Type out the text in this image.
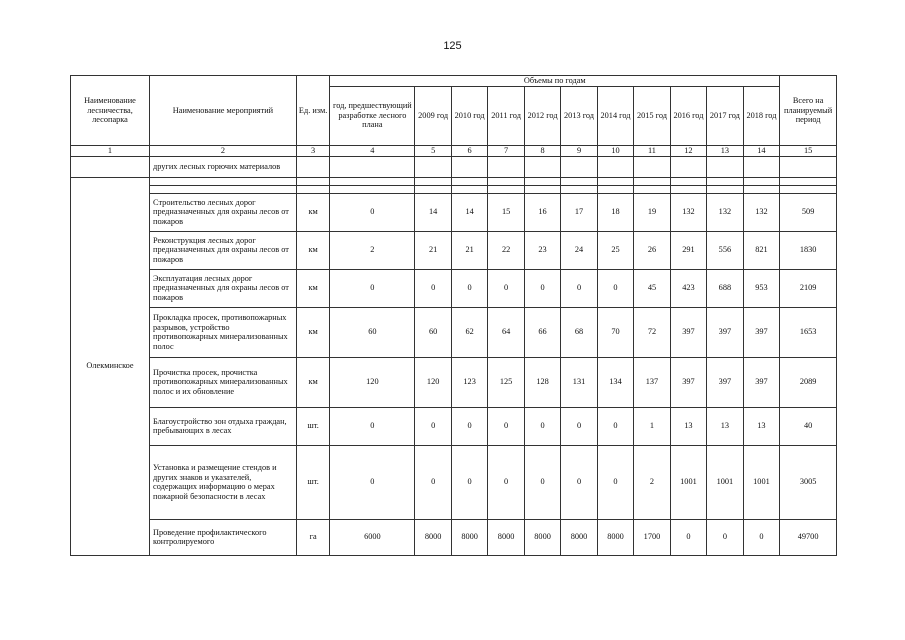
125
Наименование лесничества, лесопарка	Наименование мероприятий	Ед. изм.	Объемы по годам											Всего на планируемый период
			год, предшествующий разработке лесного плана	2009 год	2010 год	2011 год	2012 год	2013 год	2014 год	2015 год	2016 год	2017 год	2018 год	
1	2	3	4	5	6	7	8	9	10	11	12	13	14	15
	других лесных горючих материалов													
Олекминское														

	Строительство лесных дорог предназначенных для охраны лесов от пожаров	км	0	14	14	15	16	17	18	19	132	132	132	509
	Реконструкция лесных дорог предназначенных для охраны лесов от пожаров	км	2	21	21	22	23	24	25	26	291	556	821	1830
	Эксплуатация лесных дорог предназначенных для охраны лесов от пожаров	км	0	0	0	0	0	0	0	45	423	688	953	2109
	Прокладка просек, противопожарных разрывов, устройство противопожарных минерализованных полос	км	60	60	62	64	66	68	70	72	397	397	397	1653
	Прочистка просек, прочистка противопожарных минерализованных полос и их обновление	км	120	120	123	125	128	131	134	137	397	397	397	2089
	Благоустройство зон отдыха граждан, пребывающих в лесах	шт.	0	0	0	0	0	0	0	1	13	13	13	40
	Установка и размещение стендов и других знаков и указателей, содержащих информацию о мерах пожарной безопасности в лесах	шт.	0	0	0	0	0	0	0	2	1001	1001	1001	3005
	Проведение профилактического контролируемого	га	6000	8000	8000	8000	8000	8000	8000	1700	0	0	0	49700
